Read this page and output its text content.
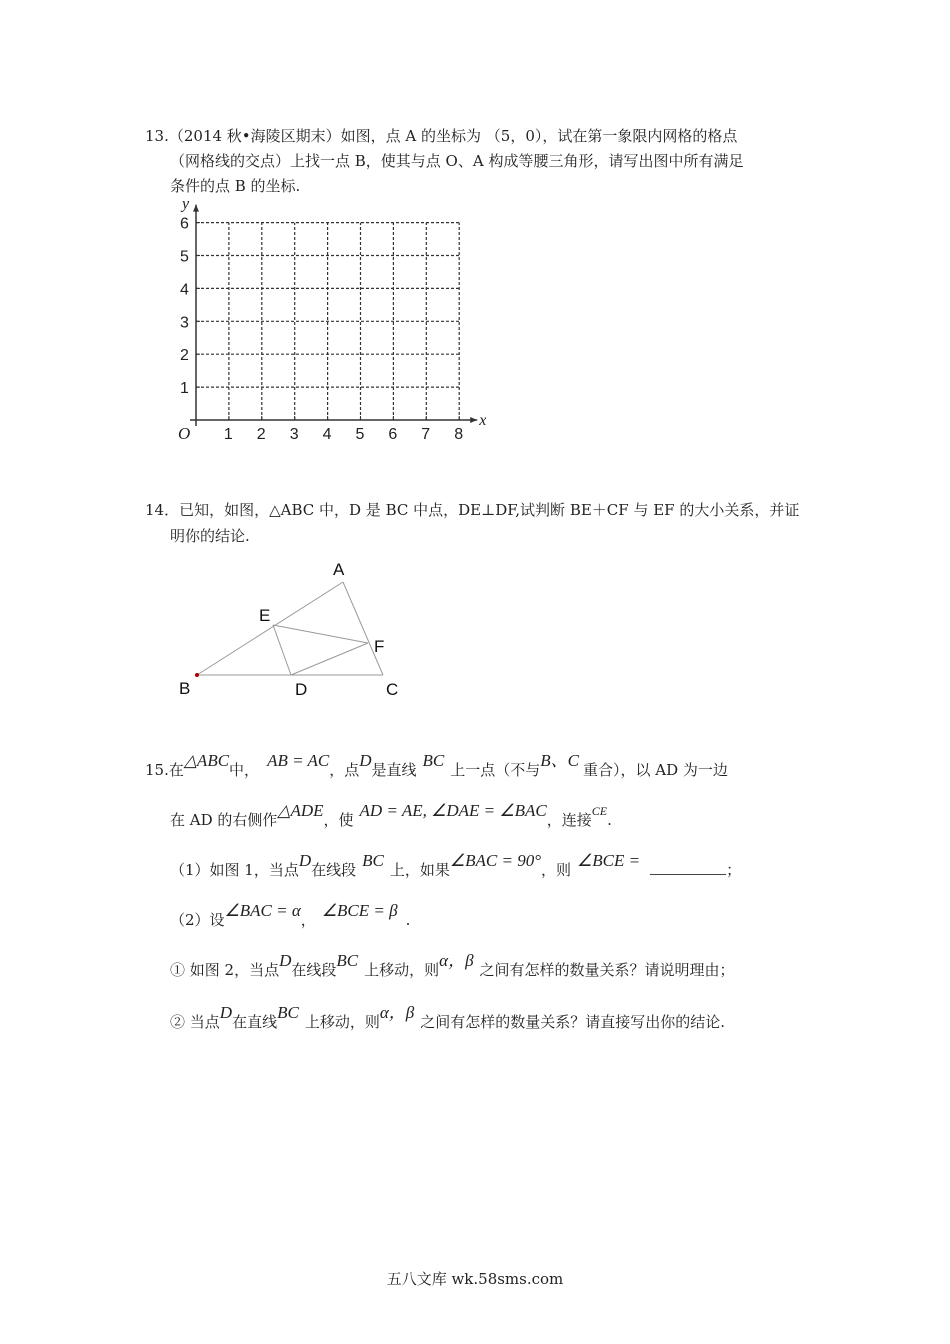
13.（2014 秋•海陵区期末）如图，点 A 的坐标为 （5，0），试在第一象限内网格的格点
（网格线的交点）上找一点 B，使其与点 O、A 构成等腰三角形，请写出图中所有满足
条件的点 B 的坐标.
1 2 3 4 5 6 7 8
1
2
3
4
5
6
O
x
y
14．已知，如图，△ABC 中，D 是 BC 中点，DE⊥DF,试判断 BE＋CF 与 EF 的大小关系，并证
明你的结论.
A
E
F
B	D	C
15.在△ABC中， AB = AC，点D是直线 BC 上一点（不与B、C 重合），以 AD 为一边
在 AD 的右侧作△ADE，使 AD = AE, ∠DAE = ∠BAC，连接$^{CE}$.
（1）如图 1，当点D在线段 BC 上，如果∠BAC = 90°，则 ∠BCE =	；
（2）设∠BAC = α， ∠BCE = β .
① 如图 2，当点D在线段BC 上移动，则α，β 之间有怎样的数量关系？请说明理由；
② 当点D在直线BC 上移动，则α，β 之间有怎样的数量关系？请直接写出你的结论.
五八文库 wk.58sms.com
